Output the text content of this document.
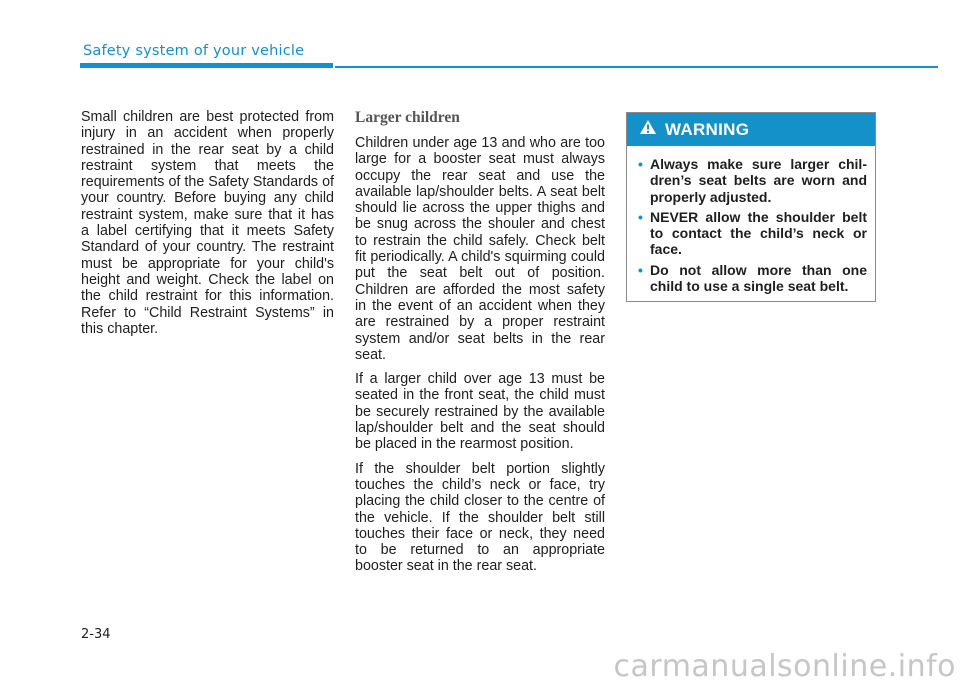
Safety system of your vehicle

Small children are best protected from injury in an accident when properly restrained in the rear seat by a child restraint system that meets the requirements of the Safety Standards of your country. Before buying any child restraint system, make sure that it has a label certifying that it meets Safety Standard of your country. The restraint must be appropriate for your child's height and weight. Check the label on the child restraint for this information. Refer to “Child Restraint Systems” in this chapter.

Larger children

Children under age 13 and who are too large for a booster seat must always occupy the rear seat and use the available lap/shoulder belts. A seat belt should lie across the upper thighs and be snug across the shouler and chest to restrain the child safely. Check belt fit periodically. A child's squirming could put the seat belt out of position. Children are afforded the most safety in the event of an accident when they are restrained by a proper restraint system and/or seat belts in the rear seat.

If a larger child over age 13 must be seated in the front seat, the child must be securely restrained by the available lap/shoulder belt and the seat should be placed in the rearmost position.

If the shoulder belt portion slightly touches the child’s neck or face, try placing the child closer to the centre of the vehicle. If the shoulder belt still touches their face or neck, they need to be returned to an appropriate booster seat in the rear seat.

WARNING
• Always make sure larger children’s seat belts are worn and properly adjusted.
• NEVER allow the shoulder belt to contact the child’s neck or face.
• Do not allow more than one child to use a single seat belt.
2-34
carmanualsonline.info
